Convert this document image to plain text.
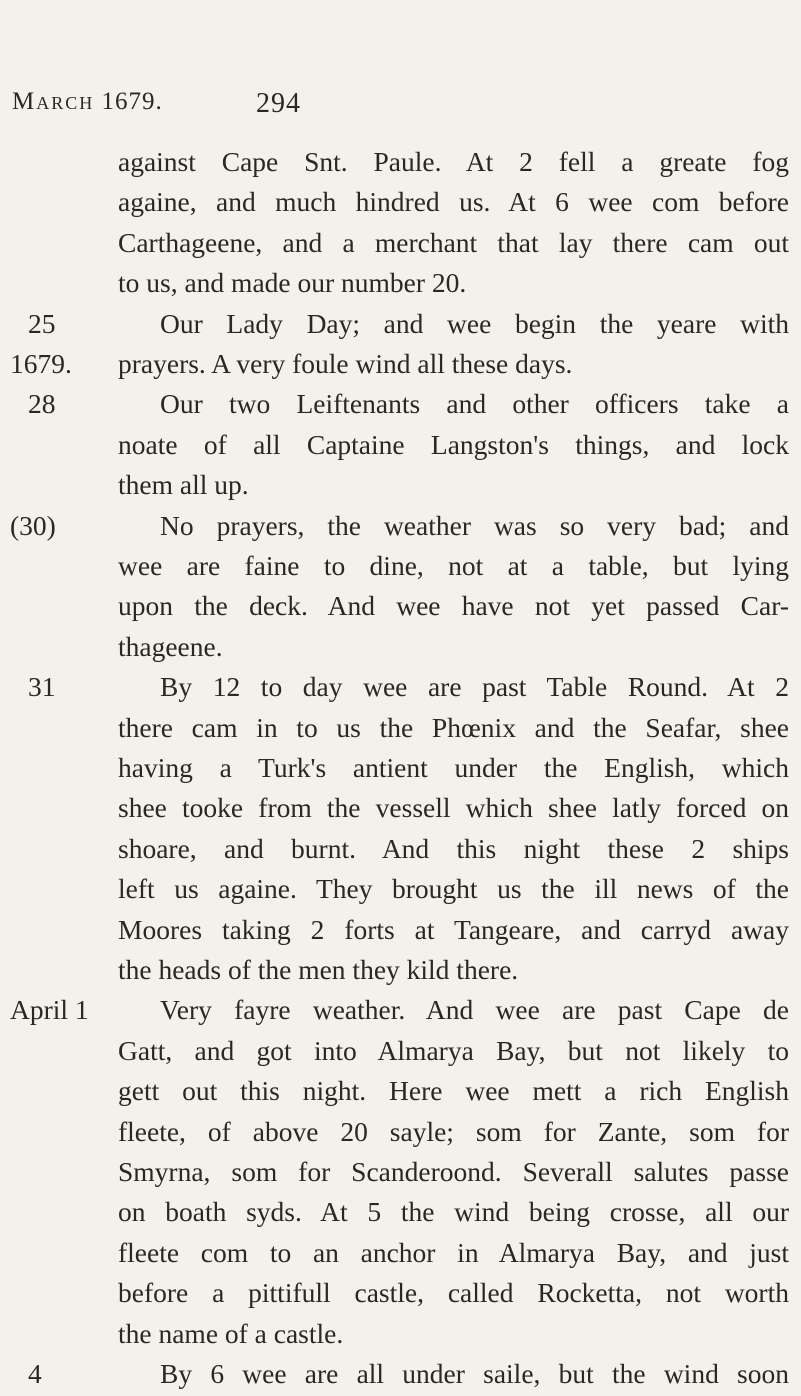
March 1679.	294
against Cape Snt. Paule. At 2 fell a greate fog
againe, and much hindred us. At 6 wee com before
Carthageene, and a merchant that lay there cam out
to us, and made our number 20.
25	Our Lady Day; and wee begin the yeare with
1679. prayers. A very foule wind all these days.
28	Our two Leiftenants and other officers take a
noate of all Captaine Langston's things, and lock
them all up.
(30)	No prayers, the weather was so very bad; and
wee are faine to dine, not at a table, but lying
upon the deck. And wee have not yet passed Car-
thageene.
31	By 12 to day wee are past Table Round. At 2
there cam in to us the Phœnix and the Seafar, shee
having a Turk's antient under the English, which
shee tooke from the vessell which shee latly forced on
shoare, and burnt. And this night these 2 ships
left us againe. They brought us the ill news of the
Moores taking 2 forts at Tangeare, and carryd away
the heads of the men they kild there.
April 1	Very fayre weather. And wee are past Cape de
Gatt, and got into Almarya Bay, but not likely to
gett out this night. Here wee mett a rich English
fleete, of above 20 sayle; som for Zante, som for
Smyrna, som for Scanderoond. Severall salutes passe
on boath syds. At 5 the wind being crosse, all our
fleete com to an anchor in Almarya Bay, and just
before a pittifull castle, called Rocketta, not worth
the name of a castle.
4	By 6 wee are all under saile, but the wind soon
